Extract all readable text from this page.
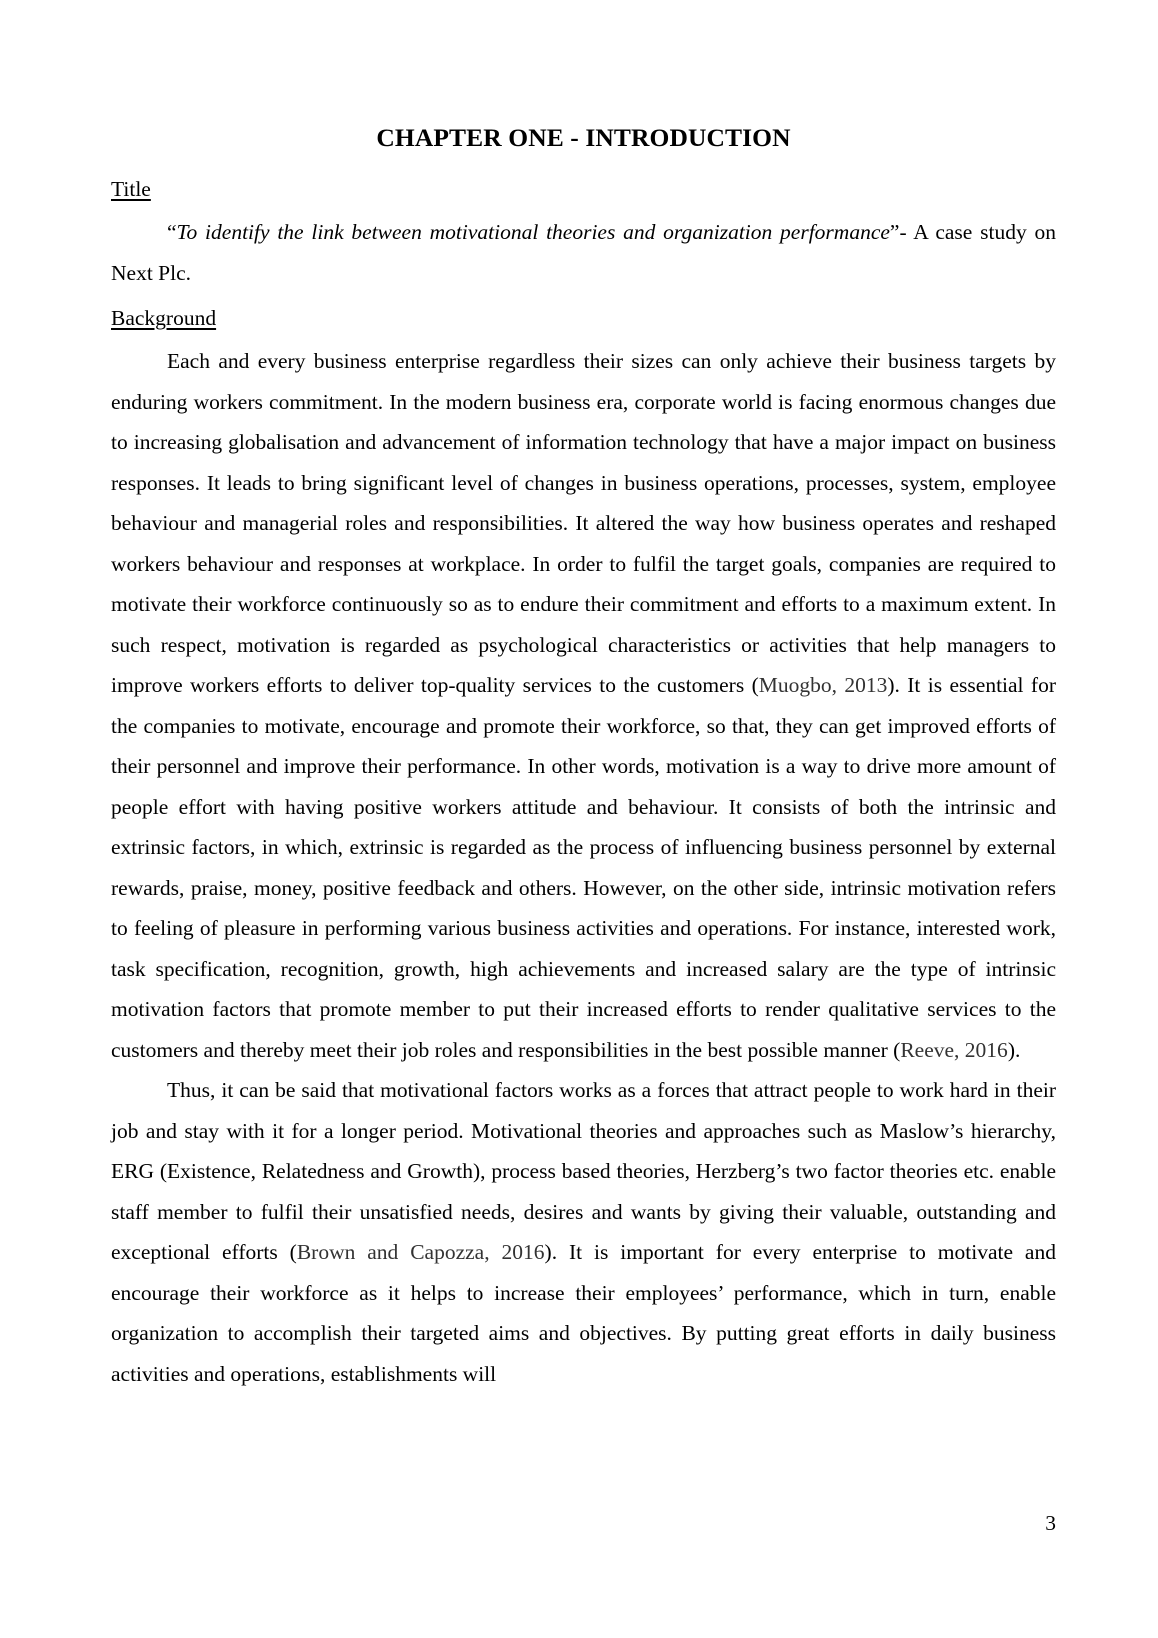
CHAPTER ONE - INTRODUCTION
Title

“To identify the link between motivational theories and organization performance”- A case study on Next Plc.

Background

Each and every business enterprise regardless their sizes can only achieve their business targets by enduring workers commitment. In the modern business era, corporate world is facing enormous changes due to increasing globalisation and advancement of information technology that have a major impact on business responses. It leads to bring significant level of changes in business operations, processes, system, employee behaviour and managerial roles and responsibilities. It altered the way how business operates and reshaped workers behaviour and responses at workplace. In order to fulfil the target goals, companies are required to motivate their workforce continuously so as to endure their commitment and efforts to a maximum extent. In such respect, motivation is regarded as psychological characteristics or activities that help managers to improve workers efforts to deliver top-quality services to the customers (Muogbo, 2013). It is essential for the companies to motivate, encourage and promote their workforce, so that, they can get improved efforts of their personnel and improve their performance. In other words, motivation is a way to drive more amount of people effort with having positive workers attitude and behaviour. It consists of both the intrinsic and extrinsic factors, in which, extrinsic is regarded as the process of influencing business personnel by external rewards, praise, money, positive feedback and others. However, on the other side, intrinsic motivation refers to feeling of pleasure in performing various business activities and operations. For instance, interested work, task specification, recognition, growth, high achievements and increased salary are the type of intrinsic motivation factors that promote member to put their increased efforts to render qualitative services to the customers and thereby meet their job roles and responsibilities in the best possible manner (Reeve, 2016).

Thus, it can be said that motivational factors works as a forces that attract people to work hard in their job and stay with it for a longer period. Motivational theories and approaches such as Maslow’s hierarchy, ERG (Existence, Relatedness and Growth), process based theories, Herzberg’s two factor theories etc. enable staff member to fulfil their unsatisfied needs, desires and wants by giving their valuable, outstanding and exceptional efforts (Brown and Capozza, 2016). It is important for every enterprise to motivate and encourage their workforce as it helps to increase their employees’ performance, which in turn, enable organization to accomplish their targeted aims and objectives. By putting great efforts in daily business activities and operations, establishments will

3
